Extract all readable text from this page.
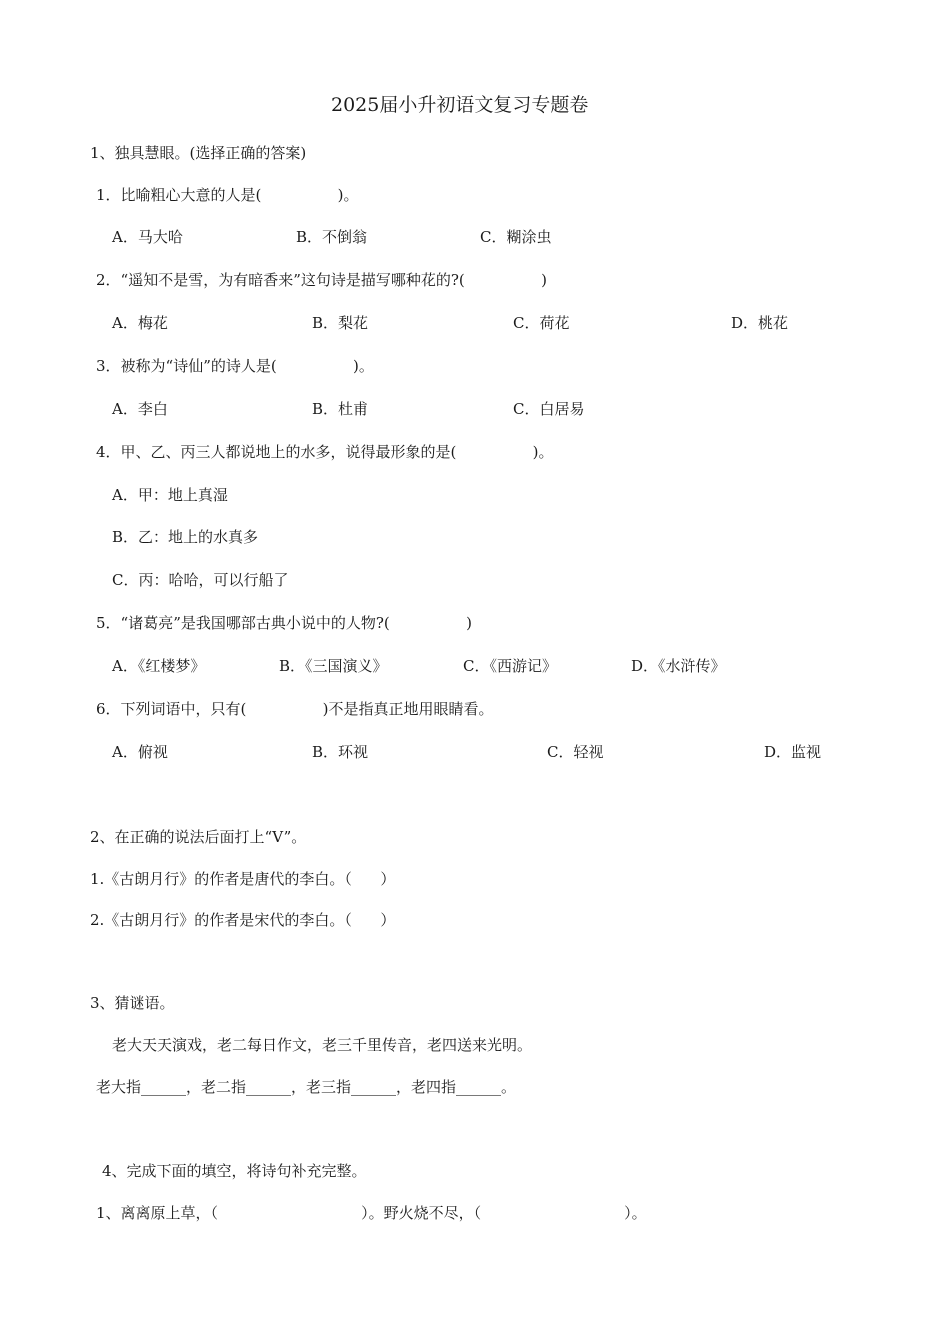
2025届小升初语文复习专题卷
1、独具慧眼。(选择正确的答案)
1．比喻粗心大意的人是(                )。
A．马大哈	B．不倒翁	C．糊涂虫
2．“遥知不是雪，为有暗香来”这句诗是描写哪种花的?(                )
A．梅花	B．梨花	C．荷花	D．桃花
3．被称为“诗仙”的诗人是(                )。
A．李白	B．杜甫	C．白居易
4．甲、乙、丙三人都说地上的水多，说得最形象的是(                )。
A．甲：地上真湿
B．乙：地上的水真多
C．丙：哈哈，可以行船了
5．“诸葛亮”是我国哪部古典小说中的人物?(                )
A．《红楼梦》	B．《三国演义》	C．《西游记》	D．《水浒传》
6．下列词语中，只有(                )不是指真正地用眼睛看。
A．俯视	B．环视	C．轻视	D．监视
2、在正确的说法后面打上“V”。
1.《古朗月行》的作者是唐代的李白。（      ）
2.《古朗月行》的作者是宋代的李白。（      ）
3、猜谜语。
老大天天演戏，老二每日作文，老三千里传音，老四送来光明。
老大指______，老二指______，老三指______，老四指______。
4、完成下面的填空，将诗句补充完整。
1、离离原上草，（                              ）。野火烧不尽，（                              ）。
